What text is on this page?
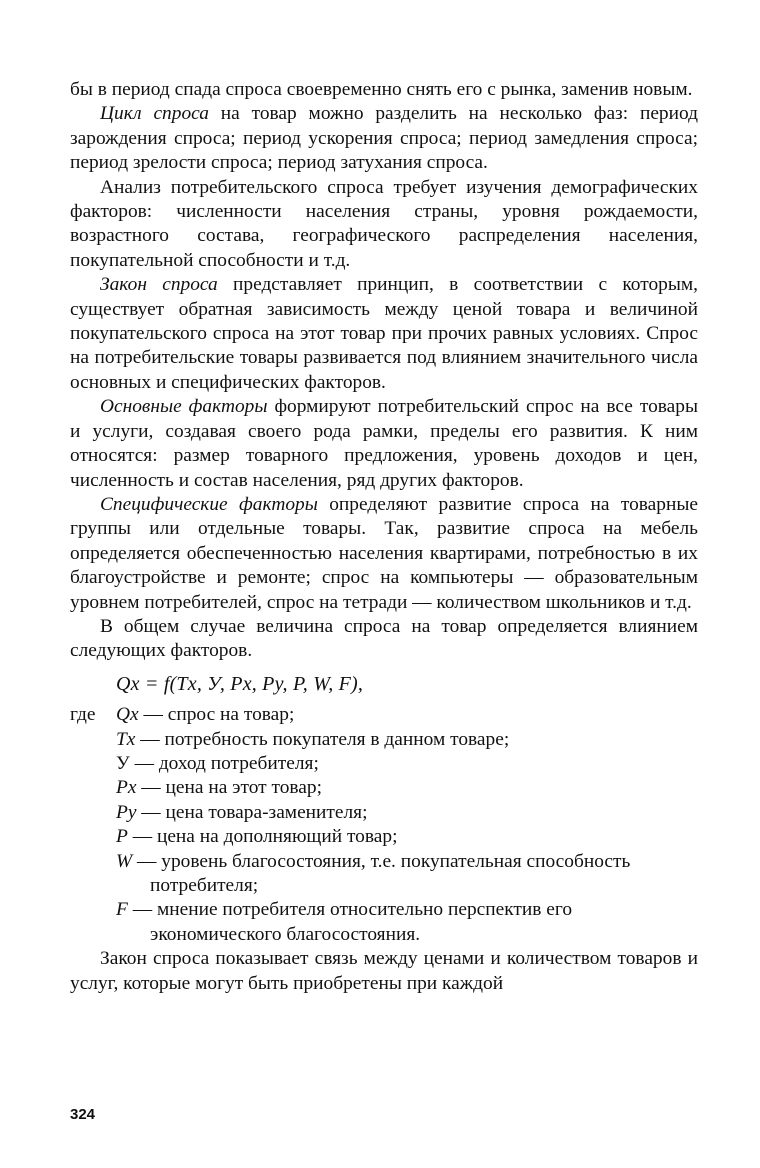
бы в период спада спроса своевременно снять его с рынка, заменив новым.

Цикл спроса на товар можно разделить на несколько фаз: период зарождения спроса; период ускорения спроса; период замедления спроса; период зрелости спроса; период затухания спроса.

Анализ потребительского спроса требует изучения демографических факторов: численности населения страны, уровня рождаемости, возрастного состава, географического распределения населения, покупательной способности и т.д.

Закон спроса представляет принцип, в соответствии с которым, существует обратная зависимость между ценой товара и величиной покупательского спроса на этот товар при прочих равных условиях. Спрос на потребительские товары развивается под влиянием значительного числа основных и специфических факторов.

Основные факторы формируют потребительский спрос на все товары и услуги, создавая своего рода рамки, пределы его развития. К ним относятся: размер товарного предложения, уровень доходов и цен, численность и состав населения, ряд других факторов.

Специфические факторы определяют развитие спроса на товарные группы или отдельные товары. Так, развитие спроса на мебель определяется обеспеченностью населения квартирами, потребностью в их благоустройстве и ремонте; спрос на компьютеры — образовательным уровнем потребителей, спрос на тетради — количеством школьников и т.д.

В общем случае величина спроса на товар определяется влиянием следующих факторов.

Qx = f(Tx, У, Px, Py, P, W, F),
где Qx — спрос на товар;
Tx — потребность покупателя в данном товаре;
У — доход потребителя;
Px — цена на этот товар;
Py — цена товара-заменителя;
P — цена на дополняющий товар;
W — уровень благосостояния, т.е. покупательная способность потребителя;
F — мнение потребителя относительно перспектив его экономического благосостояния.

Закон спроса показывает связь между ценами и количеством товаров и услуг, которые могут быть приобретены при каждой

324
